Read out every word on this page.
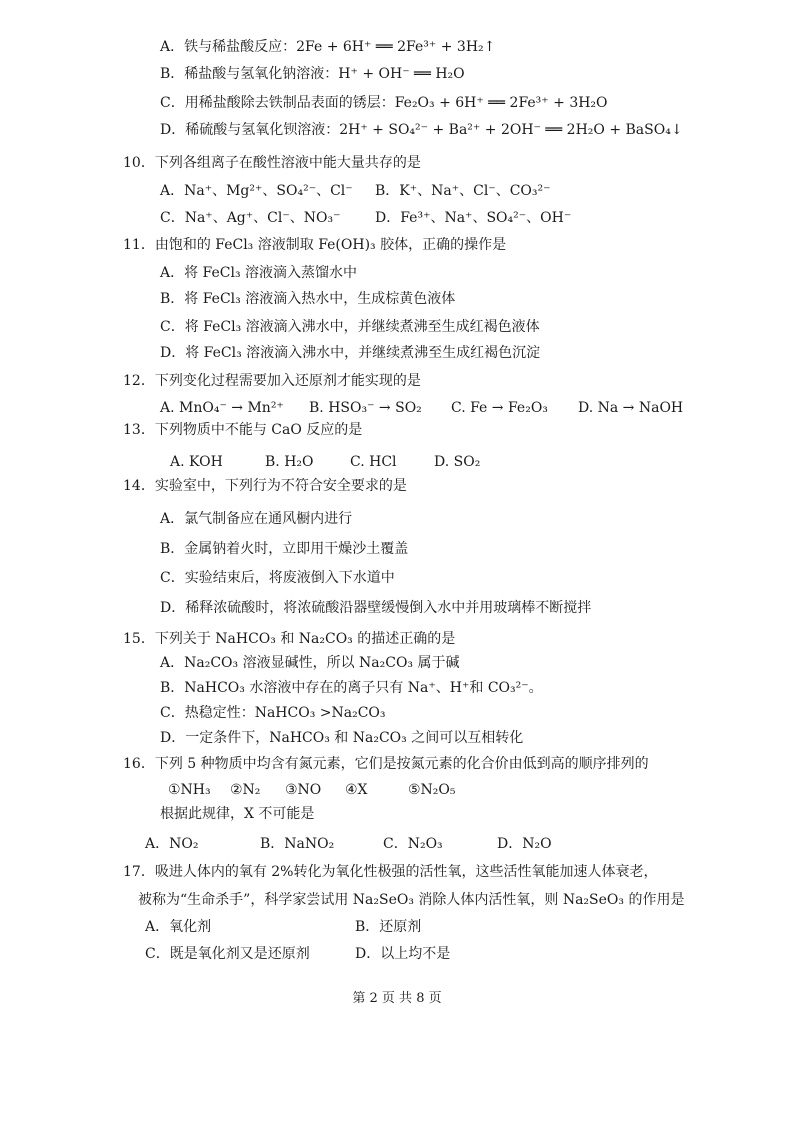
A．铁与稀盐酸反应：2Fe + 6H⁺ ══ 2Fe³⁺ + 3H₂↑
B．稀盐酸与氢氧化钠溶液：H⁺ + OH⁻ ══ H₂O
C．用稀盐酸除去铁制品表面的锈层：Fe₂O₃ + 6H⁺ ══ 2Fe³⁺ + 3H₂O
D．稀硫酸与氢氧化钡溶液：2H⁺ + SO₄²⁻ + Ba²⁺ + 2OH⁻ ══ 2H₂O + BaSO₄↓
10．下列各组离子在酸性溶液中能大量共存的是
A．Na⁺、Mg²⁺、SO₄²⁻、Cl⁻ B．K⁺、Na⁺、Cl⁻、CO₃²⁻
C．Na⁺、Ag⁺、Cl⁻、NO₃⁻ D．Fe³⁺、Na⁺、SO₄²⁻、OH⁻
11．由饱和的 FeCl₃ 溶液制取 Fe(OH)₃ 胶体，正确的操作是
A．将 FeCl₃ 溶液滴入蒸馏水中
B．将 FeCl₃ 溶液滴入热水中，生成棕黄色液体
C．将 FeCl₃ 溶液滴入沸水中，并继续煮沸至生成红褐色液体
D．将 FeCl₃ 溶液滴入沸水中，并继续煮沸至生成红褐色沉淀
12．下列变化过程需要加入还原剂才能实现的是
A. MnO₄⁻ → Mn²⁺ B. HSO₃⁻ → SO₂ C. Fe → Fe₂O₃ D. Na → NaOH
13．下列物质中不能与 CaO 反应的是
A. KOH	B. H₂O	C. HCl	D. SO₂
14．实验室中，下列行为不符合安全要求的是
A．氯气制备应在通风橱内进行
B．金属钠着火时，立即用干燥沙土覆盖
C．实验结束后，将废液倒入下水道中
D．稀释浓硫酸时，将浓硫酸沿器壁缓慢倒入水中并用玻璃棒不断搅拌
15．下列关于 NaHCO₃ 和 Na₂CO₃ 的描述正确的是
A．Na₂CO₃ 溶液显碱性，所以 Na₂CO₃ 属于碱
B．NaHCO₃ 水溶液中存在的离子只有 Na⁺、H⁺和 CO₃²⁻。
C．热稳定性：NaHCO₃ >Na₂CO₃
D．一定条件下，NaHCO₃ 和 Na₂CO₃ 之间可以互相转化
16．下列 5 种物质中均含有氮元素，它们是按氮元素的化合价由低到高的顺序排列的
①NH₃ ②N₂ ③NO ④X	⑤N₂O₅
根据此规律，X 不可能是
A．NO₂	B．NaNO₂	C．N₂O₃	D．N₂O
17．吸进人体内的氧有 2%转化为氧化性极强的活性氧，这些活性氧能加速人体衰老，
被称为“生命杀手”，科学家尝试用 Na₂SeO₃ 消除人体内活性氧，则 Na₂SeO₃ 的作用是
A．氧化剂	B．还原剂
C．既是氧化剂又是还原剂	D．以上均不是
第 2 页 共 8 页
